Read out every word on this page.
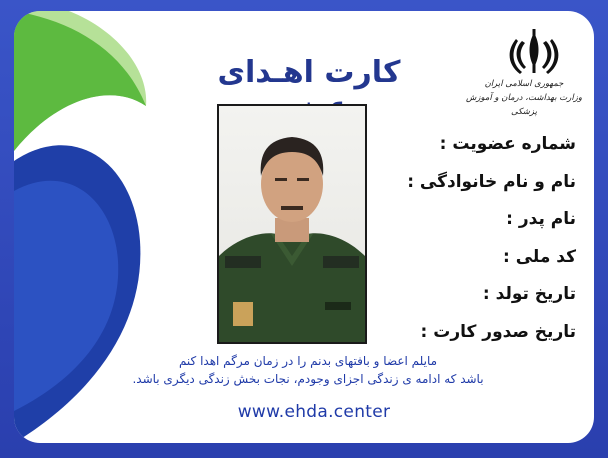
جمهوری اسلامی ایران
وزارت بهداشت، درمان و آموزش پزشکی
کارت اهـدای
شماره عضویت :
نام و نام خانوادگی :
نام پدر :
کد ملی :
تاریخ تولد :
تاریخ صدور کارت :
مایلم اعضا و بافتهای بدنم را در زمان مرگم اهدا کنم
باشد که ادامه ی زندگی اجزای وجودم، نجات بخش زندگی دیگری باشد.
www.ehda.center
